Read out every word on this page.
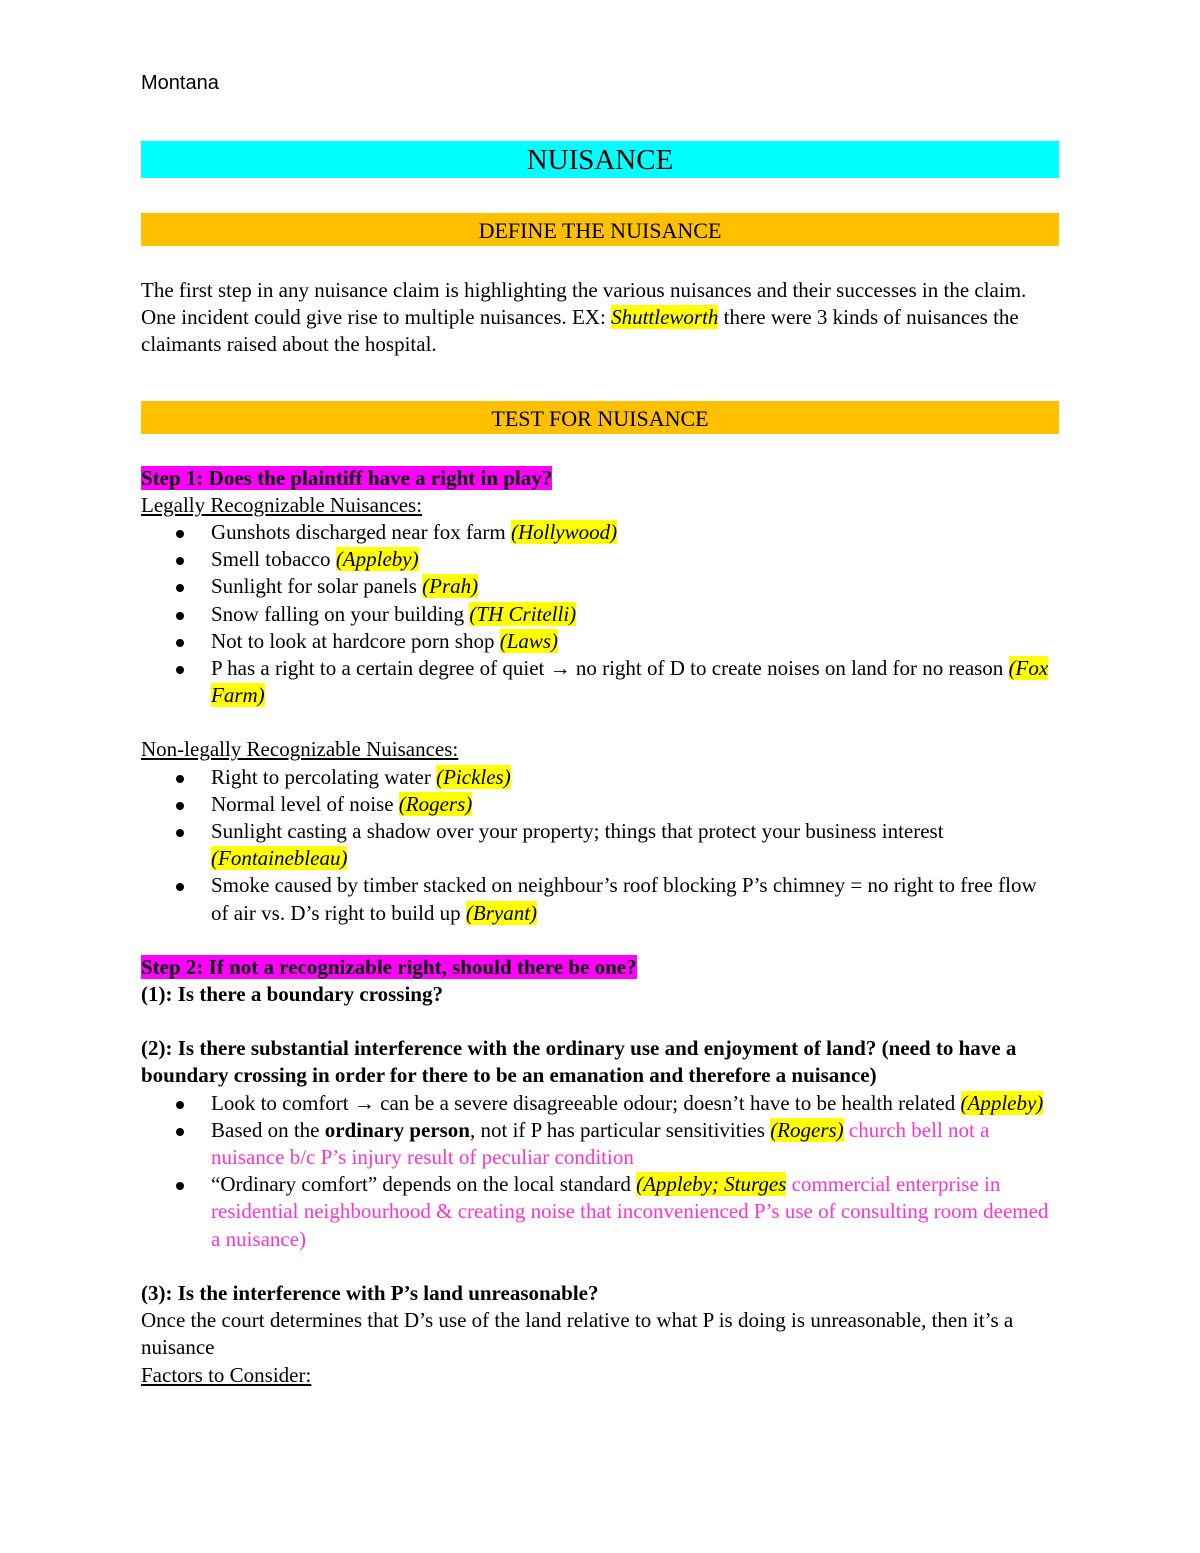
Montana
NUISANCE
DEFINE THE NUISANCE

The first step in any nuisance claim is highlighting the various nuisances and their successes in the claim. One incident could give rise to multiple nuisances. EX: Shuttleworth there were 3 kinds of nuisances the claimants raised about the hospital.

TEST FOR NUISANCE

Step 1: Does the plaintiff have a right in play?

Legally Recognizable Nuisances:

Gunshots discharged near fox farm (Hollywood)
Smell tobacco (Appleby)
Sunlight for solar panels (Prah)
Snow falling on your building (TH Critelli)
Not to look at hardcore porn shop (Laws)
P has a right to a certain degree of quiet → no right of D to create noises on land for no reason (Fox Farm)

Non-legally Recognizable Nuisances:

Right to percolating water (Pickles)
Normal level of noise (Rogers)
Sunlight casting a shadow over your property; things that protect your business interest (Fontainebleau)
Smoke caused by timber stacked on neighbour’s roof blocking P’s chimney = no right to free flow of air vs. D’s right to build up (Bryant)

Step 2: If not a recognizable right, should there be one?

(1): Is there a boundary crossing?

(2): Is there substantial interference with the ordinary use and enjoyment of land? (need to have a boundary crossing in order for there to be an emanation and therefore a nuisance)

Look to comfort → can be a severe disagreeable odour; doesn’t have to be health related (Appleby)
Based on the ordinary person, not if P has particular sensitivities (Rogers) church bell not a nuisance b/c P’s injury result of peculiar condition
“Ordinary comfort” depends on the local standard (Appleby; Sturges commercial enterprise in residential neighbourhood & creating noise that inconvenienced P’s use of consulting room deemed a nuisance)

(3): Is the interference with P’s land unreasonable?

Once the court determines that D’s use of the land relative to what P is doing is unreasonable, then it’s a nuisance

Factors to Consider:
